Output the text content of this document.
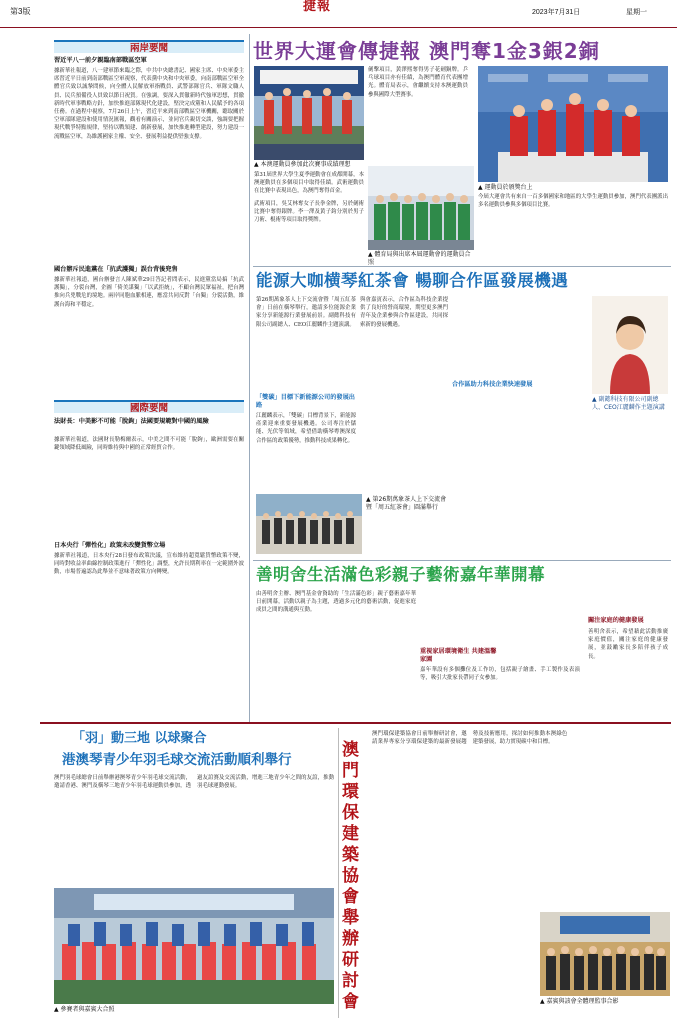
第3版	捷報	2023年7月31日	星期一
兩岸要聞
習近平八一前夕親臨南部戰區空軍
據新華社報道，八一建軍節來臨之際，中共中央總書記、國家主席、中央軍委主席習近平日前到南部戰區空軍視察，代表黨中央和中央軍委，向南部戰區空軍全體官兵致以誠摯問候，向全體人民解放軍指戰員、武警部隊官兵、軍隊文職人員、民兵預備役人員致以節日祝賀。在強調，要深入貫徹新時代強軍思想，貫徹新時代軍事戰略方針，加快推進部隊現代化建設，堅決完成黨和人民賦予的各項任務。在過程中視察，7月26日上午，習近平來到南部戰區空軍機關，聽取關於空軍部隊建設和使用情況匯報，觀看有關演示，並同官兵親切交談，強調要把握現代戰爭特點規律，堅持以戰領建、創新發展，加快推進轉型建設，努力建設一流戰區空軍，為維護國家主權、安全、發展利益提供堅強支撐。
國台辦斥民進黨在「抗武護獨」誤台背後兜售
據新華社報道，國台辦發言人陳斌華29日答記者問表示，民進黨當局搞「抗武護獨」，分裂台灣，企圖「倚美謀獨」「以武拒統」，不顧台灣民眾福祉，把台灣推向兵兇戰危的境地。兩岸同胞血脈相連，應當共同反對「台獨」分裂活動，維護台海和平穩定。
國際要聞
法財長：中美影不可能「脫鉤」法國要規範對中國的風險
據新華社報道，法國財長勒梅爾表示，中美之間不可能「脫鉤」，歐洲需要在關鍵領域降低風險，同時維持與中國的正常經貿合作。
日本央行「彈性化」政策未改變貨幣立場
據新華社報道，日本央行28日發布政策決議，宣布維持超寬鬆貨幣政策不變，同時對收益率曲線控制政策進行「彈性化」調整，允許長期利率在一定範圍外波動，市場普遍認為此舉並不意味著政策方向轉變。
世界大運會傳捷報 澳門奪1金3銀2銅
▲ 本澳運動員參加此次賽事成績理想
第31屆世界大學生夏季運動會在成都開幕，本澳運動員在多個項目中取得佳績。武術運動員在比賽中表現出色，為澳門奪得首金。
武術項目，吳艾林奪女子長拳金牌，另於劍術比賽中奪得銀牌。李一澤及黃子鈞分別於男子刀術、棍術等項目取得獎牌。
劍擊項目，黃澤熙奪得男子花劍銅牌。乒乓球項目亦有佳績，為澳門體育代表團增光。體育局表示，會繼續支持本澳運動員參與國際大型賽事。
▲ 體育局與出席本屆運動會的運動員合照
▲ 運動員於頒獎台上
今屆大運會共有來自一百多個國家和地區的大學生運動員參加，澳門代表團派出多名運動員參與多個項目比賽。
能源大咖横琴紅茶會 暢聊合作區發展機遇
第26期萬象茶人上下交流會暨「周五紅茶會」日前在橫琴舉行，邀請多位能源企業家分享新能源行業發展前景。副懿科技有限公司副總人、CEO江麗麟作主題演講。
「雙碳」目標下新能源公司的發展出路
江麗麟表示，「雙碳」目標背景下，新能源產業迎來重要發展機遇。公司專注於儲能、光伏等領域，希望借助橫琴粵澳深度合作區的政策優勢，推動科技成果轉化。
與會嘉賓表示，合作區為科技企業提供了良好的營商環境，期望更多澳門青年及企業參與合作區建設，共同探索新的發展機遇。
合作區助力科技企業快速發展
▲ 第26期萬象茶人上下交流會暨「周五紅茶會」圓滿舉行
▲ 副懿科技有限公司副總人、CEO江麗麟作主題演講
善明舍生活滿色彩親子藝術嘉年華開幕
由善明舍主辦、澳門基金會資助的「生活滿色彩」親子藝術嘉年華日前開幕，活動以親子為主題，透過多元化的藝術活動，促進家庭成員之間的溝通與互動。
重視家居環境衛生 共建溫馨家園
嘉年華設有多個攤位及工作坊，包括親子繪畫、手工製作及表演等，吸引大批家長帶同子女參加。
關注家庭的健康發展
善明舍表示，希望藉此活動推廣家庭價值，關注家庭的健康發展，並鼓勵家長多陪伴孩子成長。
「羽」動三地 以球聚合
港澳琴青少年羽毛球交流活動順利舉行
澳門羽毛球總會日前舉辦港澳琴青少年羽毛球交流活動，邀請香港、澳門及橫琴三地青少年羽毛球運動員參加，透過友誼賽及交流活動，增進三地青少年之間的友誼，推動羽毛球運動發展。
▲ 參賽者與嘉賓大合照
澳門環保建築協會舉辦研討會
澳門環保建築協會日前舉辦研討會，邀請業界專家分享環保建築的最新發展趨勢及技術應用，探討如何推動本澳綠色建築發展，助力實現碳中和目標。
▲ 嘉賓與該會全體理監事合影
